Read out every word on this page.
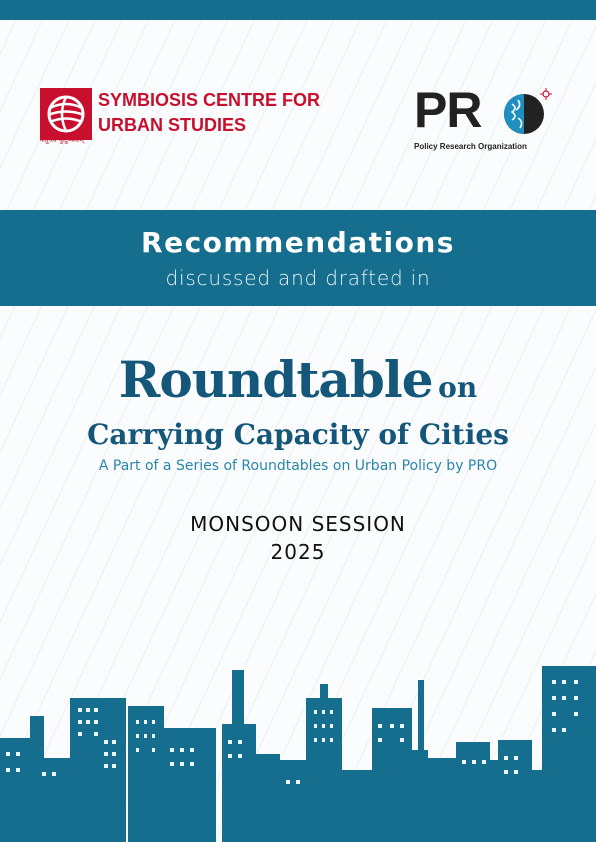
SYMBIOSIS CENTRE FOR
URBAN STUDIES
वसुधैव कुटुम्बकम्
PR
Policy Research Organization
Recommendations
discussed and drafted in
Roundtable on
Carrying Capacity of Cities
A Part of a Series of Roundtables on Urban Policy by PRO
MONSOON SESSION
2025
